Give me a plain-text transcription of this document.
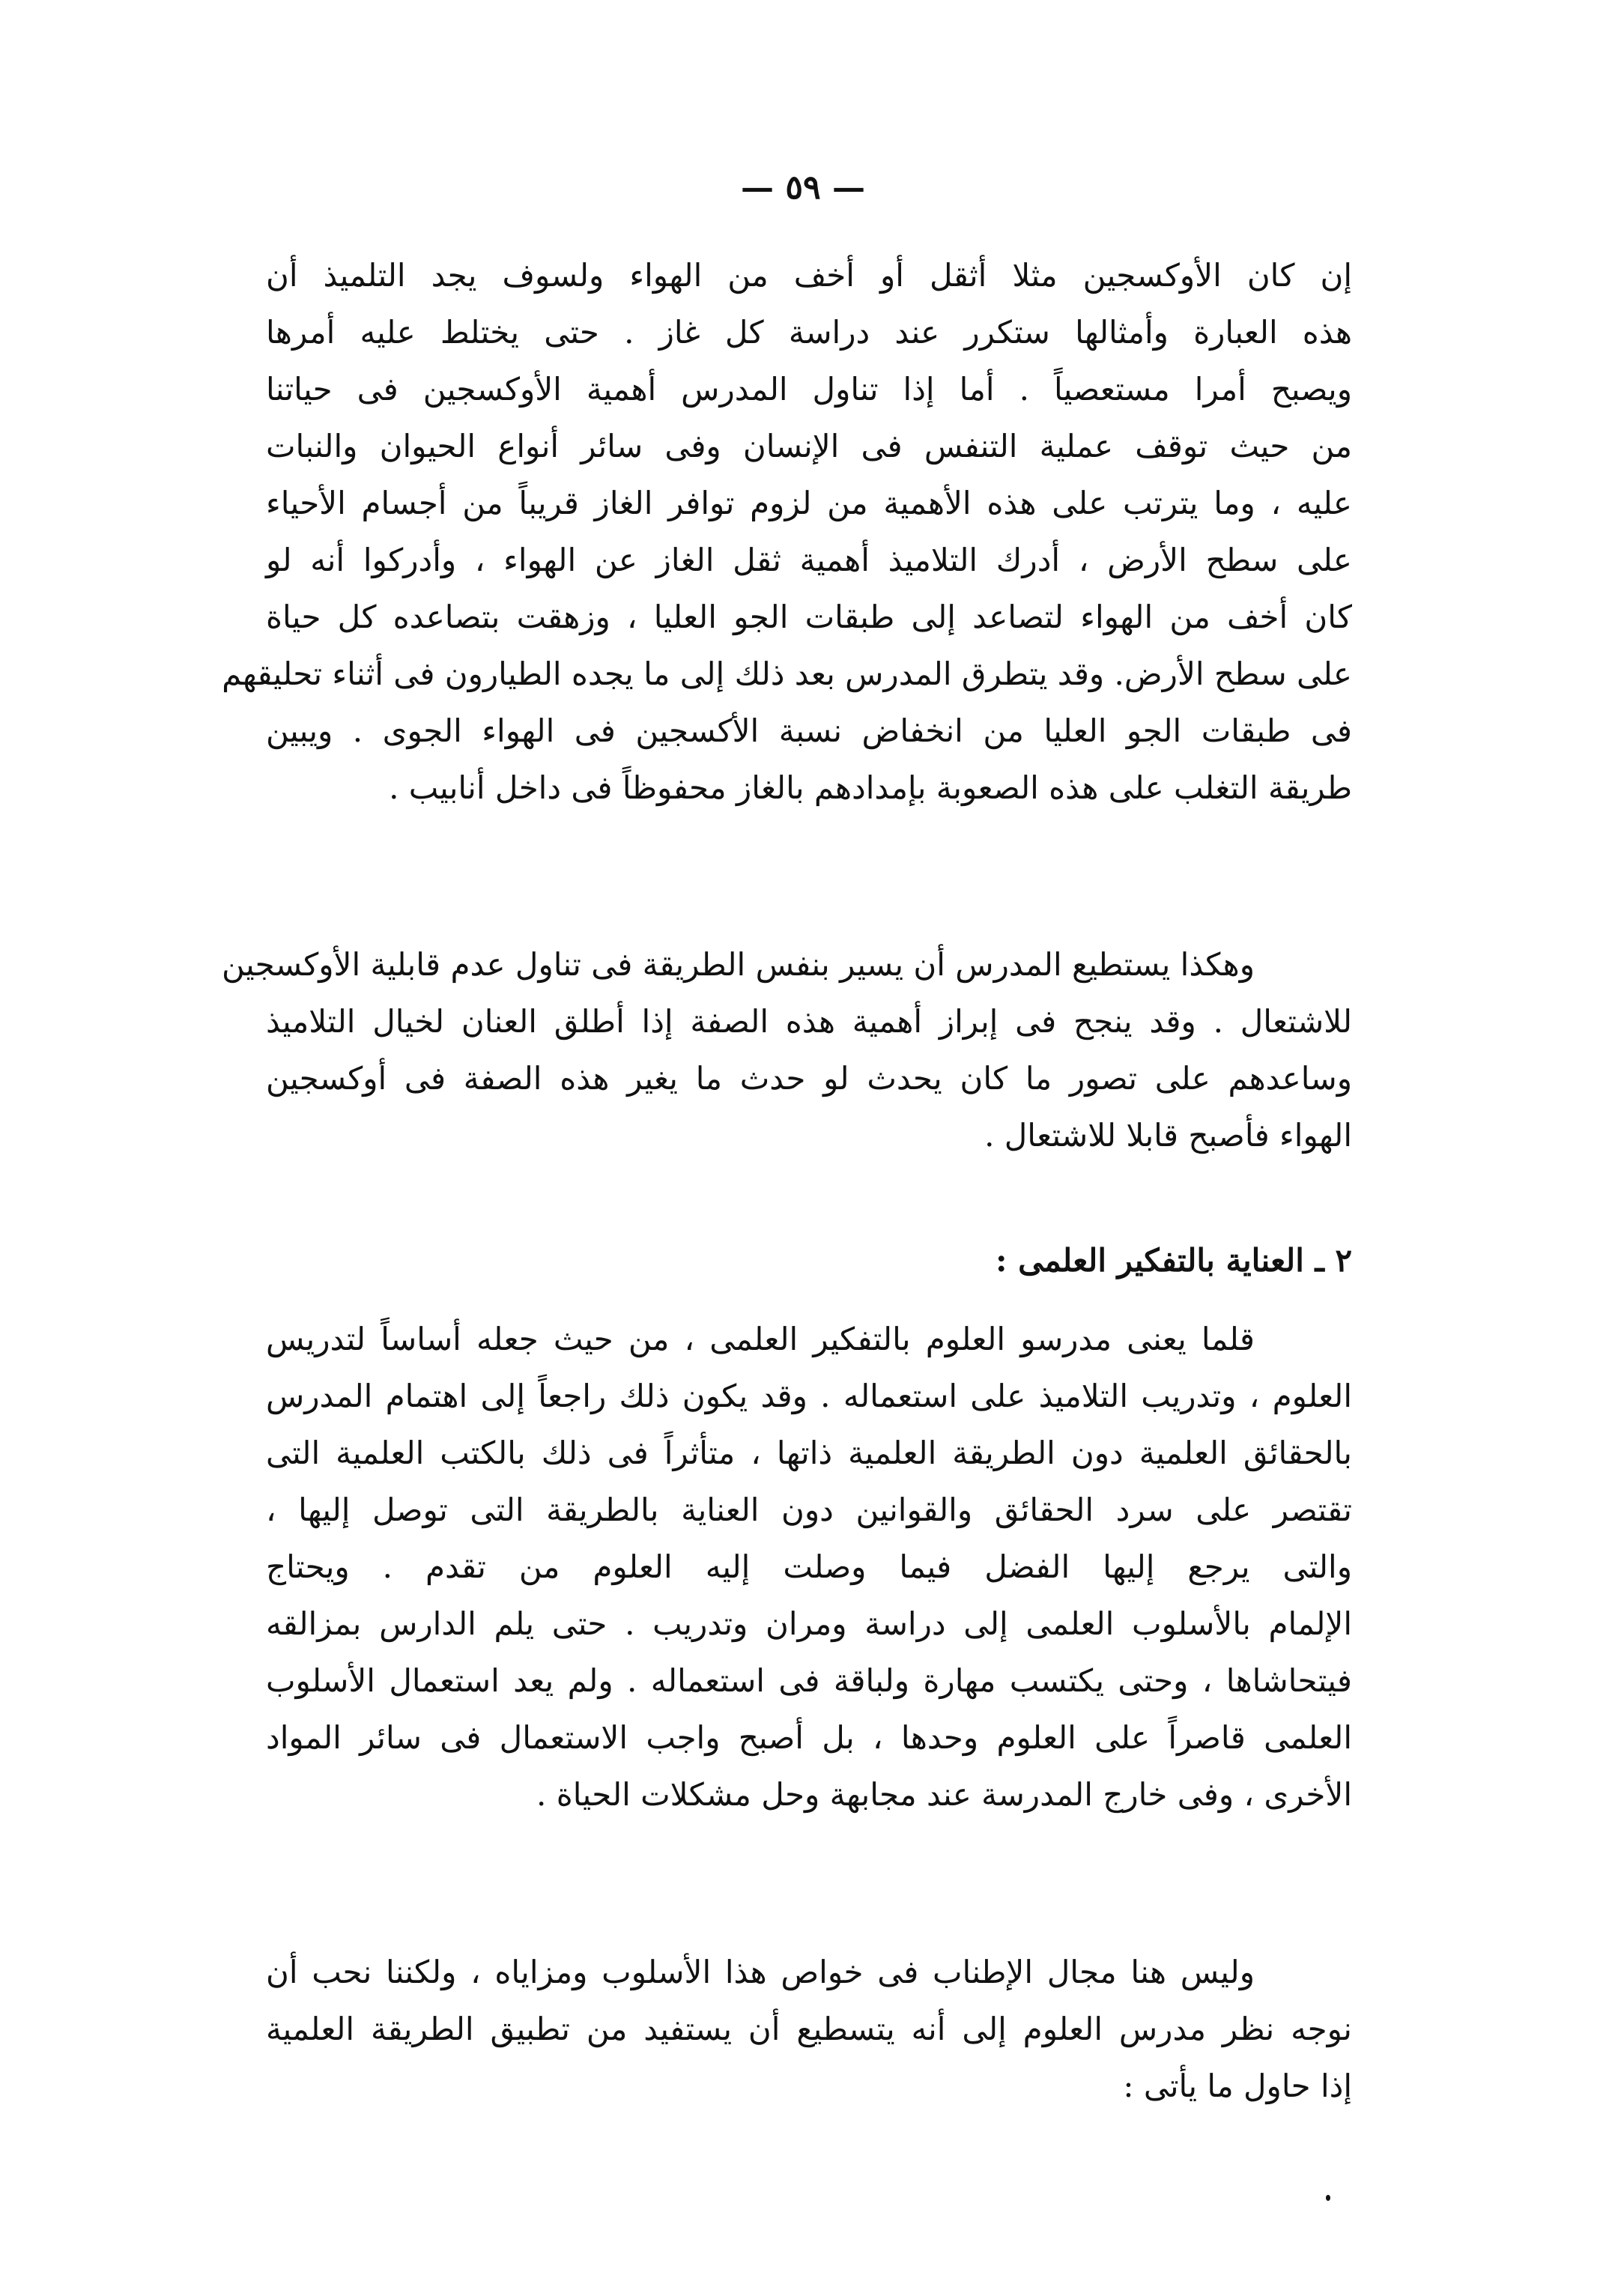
— ٥٩ —
إن كان الأوكسجين مثلا أثقل أو أخف من الهواء ولسوف يجد التلميذ أن
هذه العبارة وأمثالها ستكرر عند دراسة كل غاز . حتى يختلط عليه أمرها
ويصبح أمرا مستعصياً . أما إذا تناول المدرس أهمية الأوكسجين فى حياتنا
من حيث توقف عملية التنفس فى الإنسان وفى سائر أنواع الحيوان والنبات
عليه ، وما يترتب على هذه الأهمية من لزوم توافر الغاز قريباً من أجسام الأحياء
على سطح الأرض ، أدرك التلاميذ أهمية ثقل الغاز عن الهواء ، وأدركوا أنه لو
كان أخف من الهواء لتصاعد إلى طبقات الجو العليا ، وزهقت بتصاعده كل حياة
على سطح الأرض. وقد يتطرق المدرس بعد ذلك إلى ما يجده الطيارون فى أثناء تحليقهم
فى طبقات الجو العليا من انخفاض نسبة الأكسجين فى الهواء الجوى . ويبين
طريقة التغلب على هذه الصعوبة بإمدادهم بالغاز محفوظاً فى داخل أنابيب .
وهكذا يستطيع المدرس أن يسير بنفس الطريقة فى تناول عدم قابلية الأوكسجين
للاشتعال . وقد ينجح فى إبراز أهمية هذه الصفة إذا أطلق العنان لخيال التلاميذ
وساعدهم على تصور ما كان يحدث لو حدث ما يغير هذه الصفة فى أوكسجين
الهواء فأصبح قابلا للاشتعال .
٢ ـ العناية بالتفكير العلمى :
قلما يعنى مدرسو العلوم بالتفكير العلمى ، من حيث جعله أساساً لتدريس
العلوم ، وتدريب التلاميذ على استعماله . وقد يكون ذلك راجعاً إلى اهتمام المدرس
بالحقائق العلمية دون الطريقة العلمية ذاتها ، متأثراً فى ذلك بالكتب العلمية التى
تقتصر على سرد الحقائق والقوانين دون العناية بالطريقة التى توصل إليها ،
والتى يرجع إليها الفضل فيما وصلت إليه العلوم من تقدم . ويحتاج
الإلمام بالأسلوب العلمى إلى دراسة ومران وتدريب . حتى يلم الدارس بمزالقه
فيتحاشاها ، وحتى يكتسب مهارة ولباقة فى استعماله . ولم يعد استعمال الأسلوب
العلمى قاصراً على العلوم وحدها ، بل أصبح واجب الاستعمال فى سائر المواد
الأخرى ، وفى خارج المدرسة عند مجابهة وحل مشكلات الحياة .
وليس هنا مجال الإطناب فى خواص هذا الأسلوب ومزاياه ، ولكننا نحب أن
نوجه نظر مدرس العلوم إلى أنه يتسطيع أن يستفيد من تطبيق الطريقة العلمية
إذا حاول ما يأتى :
